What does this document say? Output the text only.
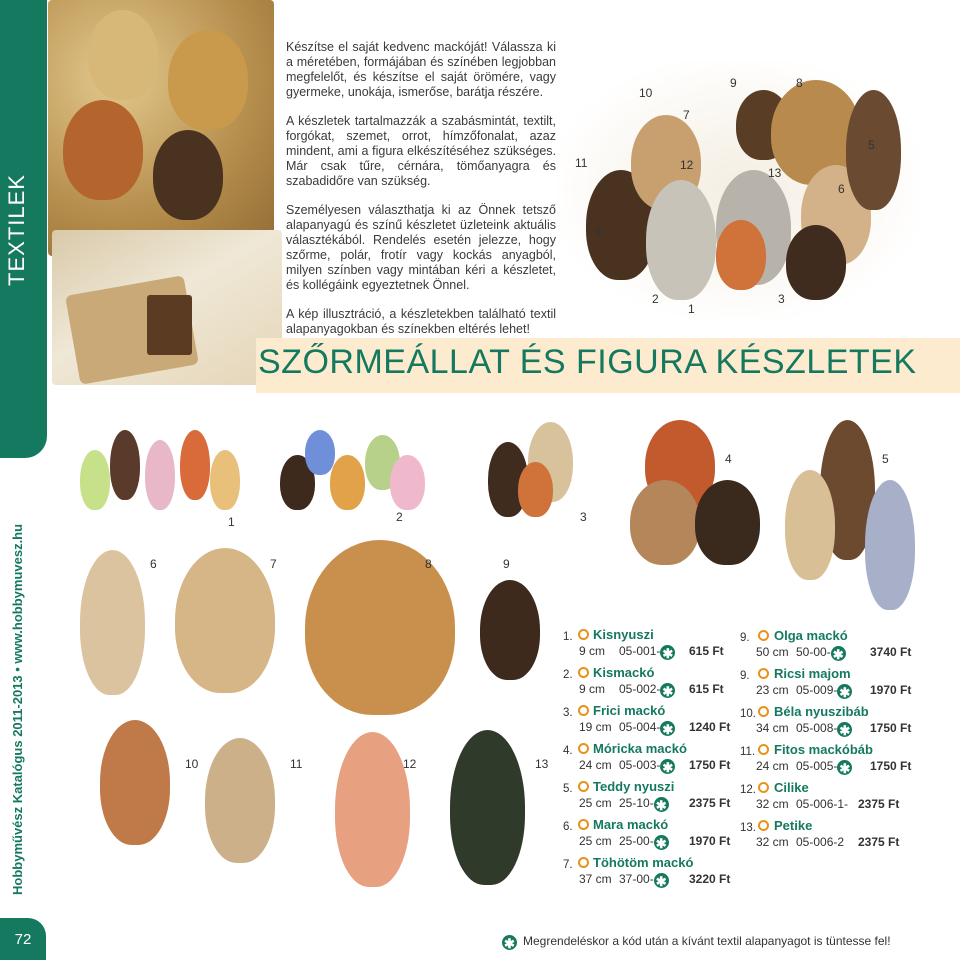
TEXTILEK
Hobbyművész Katalógus 2011-2013 • www.hobbymuvesz.hu
72

Készítse el saját kedvenc mackóját! Válassza ki a méretében, formájában és színében legjobban megfelelőt, és készítse el saját örömére, vagy gyermeke, unokája, ismerőse, barátja részére.

A készletek tartalmazzák a szabásmintát, textilt, forgókat, szemet, orrot, hímzőfonalat, azaz mindent, ami a figura elkészítéséhez szükséges. Már csak tűre, cérnára, tömőanyagra és szabadidőre van szükség.

Személyesen választhatja ki az Önnek tetsző alapanyagú és színű készletet üzleteink aktuális választékából. Rendelés esetén jelezze, hogy szőrme, polár, frotír vagy kockás anyagból, milyen színben vagy mintában kéri a készletet, és kollégáink egyeztetnek Önnel.

A kép illusztráció, a készletekben található textil alapanyagokban és színekben eltérés lehet!

10
9	8
7
5
11	12
13
6
4
2
1
3
SZŐRMEÁLLAT ÉS FIGURA KÉSZLETEK
4	5
1	2	3
6	7	8	9
10	11	12	13
1. Kisnyuszi
9 cm 05-001- ✱ 615 Ft
2. Kismackó
9 cm 05-002- ✱ 615 Ft
3. Frici mackó
19 cm 05-004- ✱ 1240 Ft
4. Móricka mackó
24 cm 05-003- ✱ 1750 Ft
5. Teddy nyuszi
25 cm 25-10- ✱ 2375 Ft
6. Mara mackó
25 cm 25-00- ✱ 1970 Ft
7. Töhötöm mackó
37 cm 37-00- ✱ 3220 Ft
9. Olga mackó
50 cm 50-00- ✱ 3740 Ft
9. Ricsi majom
23 cm 05-009- ✱ 1970 Ft
10. Béla nyuszibáb
34 cm 05-008- ✱ 1750 Ft
11. Fitos mackóbáb
24 cm 05-005- ✱ 1750 Ft
12. Cilike
32 cm 05-006-1- 2375 Ft
13. Petike
32 cm 05-006-2 2375 Ft
✱ Megrendeléskor a kód után a kívánt textil alapanyagot is tüntesse fel!
